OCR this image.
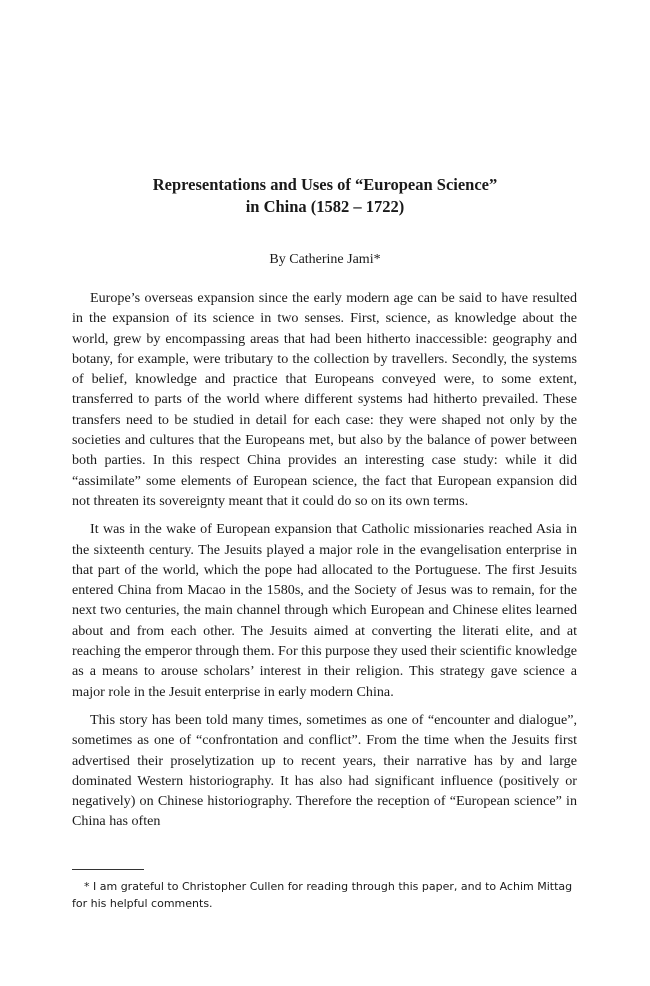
Representations and Uses of “European Science”

in China (1582 – 1722)

By Catherine Jami*

Europe’s overseas expansion since the early modern age can be said to have resulted in the expansion of its science in two senses. First, science, as knowledge about the world, grew by encompassing areas that had been hitherto inaccessible: geography and botany, for example, were tributary to the collection by travellers. Secondly, the systems of belief, knowledge and practice that Europeans conveyed were, to some extent, transferred to parts of the world where different systems had hitherto prevailed. These transfers need to be studied in detail for each case: they were shaped not only by the societies and cultures that the Europeans met, but also by the balance of power between both parties. In this respect China provides an interesting case study: while it did “assimilate” some elements of European science, the fact that European expansion did not threaten its sovereignty meant that it could do so on its own terms.

It was in the wake of European expansion that Catholic missionaries reached Asia in the sixteenth century. The Jesuits played a major role in the evangelisation enterprise in that part of the world, which the pope had allocated to the Portuguese. The first Jesuits entered China from Macao in the 1580s, and the Society of Jesus was to remain, for the next two centuries, the main channel through which European and Chinese elites learned about and from each other. The Jesuits aimed at converting the literati elite, and at reaching the emperor through them. For this purpose they used their scientific knowledge as a means to arouse scholars’ interest in their religion. This strategy gave science a major role in the Jesuit enterprise in early modern China.

This story has been told many times, sometimes as one of “encounter and dialogue”, sometimes as one of “confrontation and conflict”. From the time when the Jesuits first advertised their proselytization up to recent years, their narrative has by and large dominated Western historiography. It has also had significant influence (positively or negatively) on Chinese historiography. Therefore the reception of “European science” in China has often

* I am grateful to Christopher Cullen for reading through this paper, and to Achim Mittag for his helpful comments.
